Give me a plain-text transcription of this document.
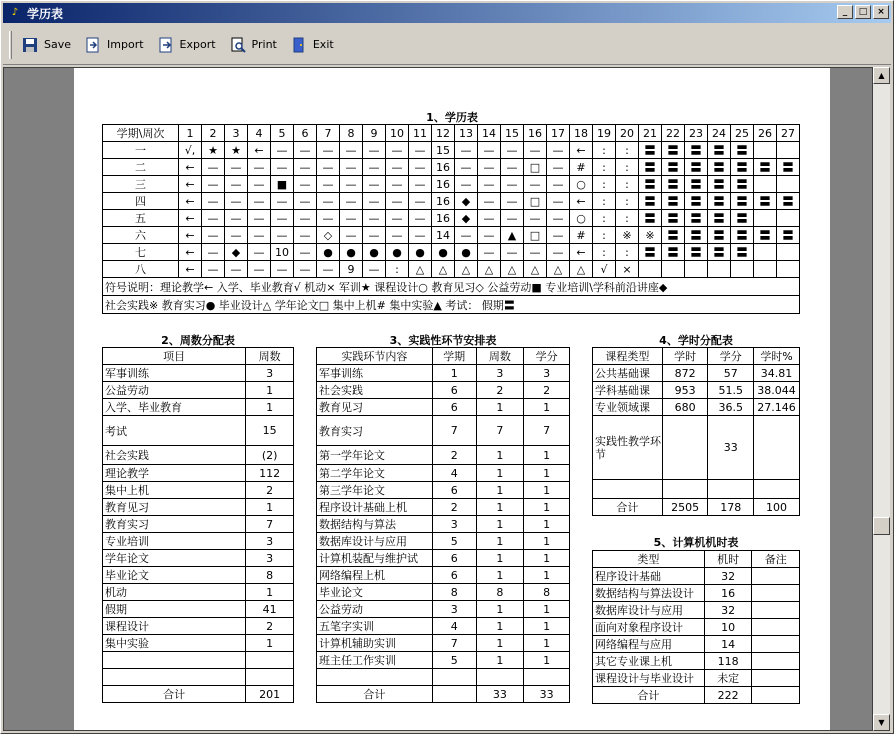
♪ 学历表	_	□	×
Save	Import	Export	Print	Exit
1、学历表
学期\周次	1	2	3	4	5	6	7	8	9	10	11	12	13	14	15	16	17	18	19	20	21	22	23	24	25	26	27
一	√,	★	★	←	—	—	—	—	—	—	—	15	—	—	—	—	—	←	:	:	〓	〓	〓	〓	〓		
二	←	—	—	—	—	—	—	—	—	—	—	16	—	—	—	□	—	#	:	:	〓	〓	〓	〓	〓	〓	〓
三	←	—	—	—	■	—	—	—	—	—	—	16	—	—	—	—	—	○	:	:	〓	〓	〓	〓	〓		
四	←	—	—	—	—	—	—	—	—	—	—	16	◆	—	—	□	—	←	:	:	〓	〓	〓	〓	〓	〓	〓
五	←	—	—	—	—	—	—	—	—	—	—	16	◆	—	—	—	—	○	:	:	〓	〓	〓	〓	〓		
六	←	—	—	—	—	—	◇	—	—	—	—	14	—	—	▲	□	—	#	:	※	※	〓	〓	〓	〓	〓	〓
七	←	—	◆	—	10	—	●	●	●	●	●	●	●	—	—	—	—	←	:	:	〓	〓	〓	〓	〓		
八	←	—	—	—	—	—	—	9	—	:	△	△	△	△	△	△	△	△	√	×							
符号说明：理论教学← 入学、毕业教育√ 机动× 军训★ 课程设计○ 教育见习◇ 公益劳动■ 专业培训\学科前沿讲座◆																											
社会实践※ 教育实习● 毕业设计△ 学年论文□ 集中上机# 集中实验▲ 考试： 假期〓																											
2、周数分配表
项目	周数
军事训练	3
公益劳动	1
入学、毕业教育	1
考试	15
社会实践	(2)
理论教学	112
集中上机	2
教育见习	1
教育实习	7
专业培训	3
学年论文	3
毕业论文	8
机动	1
假期	41
课程设计	2
集中实验	1

合计	201
3、实践性环节安排表
实践环节内容	学期	周数	学分
军事训练	1	3	3
社会实践	6	2	2
教育见习	6	1	1
教育实习	7	7	7
第一学年论文	2	1	1
第二学年论文	4	1	1
第三学年论文	6	1	1
程序设计基础上机	2	1	1
数据结构与算法	3	1	1
数据库设计与应用	5	1	1
计算机装配与维护试	6	1	1
网络编程上机	6	1	1
毕业论文	8	8	8
公益劳动	3	1	1
五笔字实训	4	1	1
计算机辅助实训	7	1	1
班主任工作实训	5	1	1

合计		33	33
4、学时分配表
课程类型	学时	学分	学时%
公共基础课	872	57	34.81
学科基础课	953	51.5	38.044
专业领域课	680	36.5	27.146
实践性教学环节		33	

合计	2505	178	100
5、计算机机时表
类型	机时	备注
程序设计基础	32	
数据结构与算法设计	16	
数据库设计与应用	32	
面向对象程序设计	10	
网络编程与应用	14	
其它专业课上机	118	
课程设计与毕业设计	未定	
合计	222	
▲
▼
